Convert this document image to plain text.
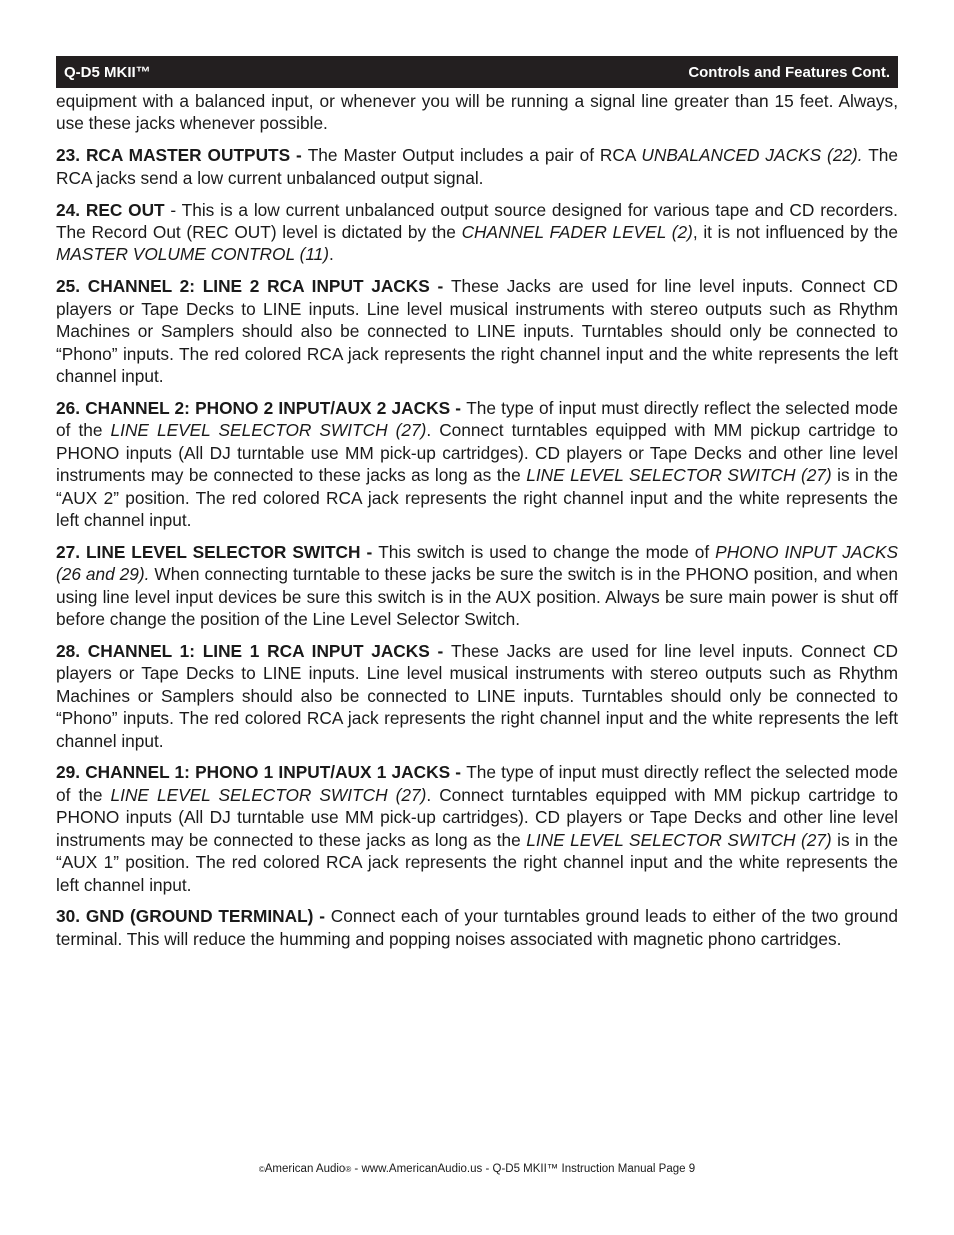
Q-D5 MKII™	Controls and Features Cont.

equipment with a balanced input, or whenever you will be running a signal line greater than 15 feet. Always, use these jacks whenever possible.

23. RCA MASTER OUTPUTS - The Master Output includes a pair of RCA UNBALANCED JACKS (22). The RCA jacks send a low current unbalanced output signal.

24. REC OUT - This is a low current unbalanced output source designed for various tape and CD recorders. The Record Out (REC OUT) level is dictated by the CHANNEL FADER LEVEL (2), it is not influenced by the MASTER VOLUME CONTROL (11).

25. CHANNEL 2: LINE 2 RCA INPUT JACKS - These Jacks are used for line level inputs. Connect CD players or Tape Decks to LINE inputs. Line level musical instruments with stereo outputs such as Rhythm Machines or Samplers should also be connected to LINE inputs. Turntables should only be connected to “Phono” inputs. The red colored RCA jack represents the right channel input and the white represents the left channel input.

26. CHANNEL 2: PHONO 2 INPUT/AUX 2 JACKS - The type of input must directly reflect the selected mode of the LINE LEVEL SELECTOR SWITCH (27). Connect turntables equipped with MM pickup cartridge to PHONO inputs (All DJ turntable use MM pick-up cartridges). CD players or Tape Decks and other line level instruments may be connected to these jacks as long as the LINE LEVEL SELECTOR SWITCH (27) is in the “AUX 2” position. The red colored RCA jack represents the right channel input and the white represents the left channel input.

27. LINE LEVEL SELECTOR SWITCH - This switch is used to change the mode of PHONO INPUT JACKS (26 and 29). When connecting turntable to these jacks be sure the switch is in the PHONO position, and when using line level input devices be sure this switch is in the AUX position. Always be sure main power is shut off before change the position of the Line Level Selector Switch.

28. CHANNEL 1: LINE 1 RCA INPUT JACKS - These Jacks are used for line level inputs. Connect CD players or Tape Decks to LINE inputs. Line level musical instruments with stereo outputs such as Rhythm Machines or Samplers should also be connected to LINE inputs. Turntables should only be connected to “Phono” inputs. The red colored RCA jack represents the right channel input and the white represents the left channel input.

29. CHANNEL 1: PHONO 1 INPUT/AUX 1 JACKS - The type of input must directly reflect the selected mode of the LINE LEVEL SELECTOR SWITCH (27). Connect turntables equipped with MM pickup cartridge to PHONO inputs (All DJ turntable use MM pick-up cartridges). CD players or Tape Decks and other line level instruments may be connected to these jacks as long as the LINE LEVEL SELECTOR SWITCH (27) is in the “AUX 1” position. The red colored RCA jack represents the right channel input and the white represents the left channel input.

30. GND (GROUND TERMINAL) - Connect each of your turntables ground leads to either of the two ground terminal. This will reduce the humming and popping noises associated with magnetic phono cartridges.

©American Audio® - www.AmericanAudio.us - Q-D5 MKII™ Instruction Manual Page 9
